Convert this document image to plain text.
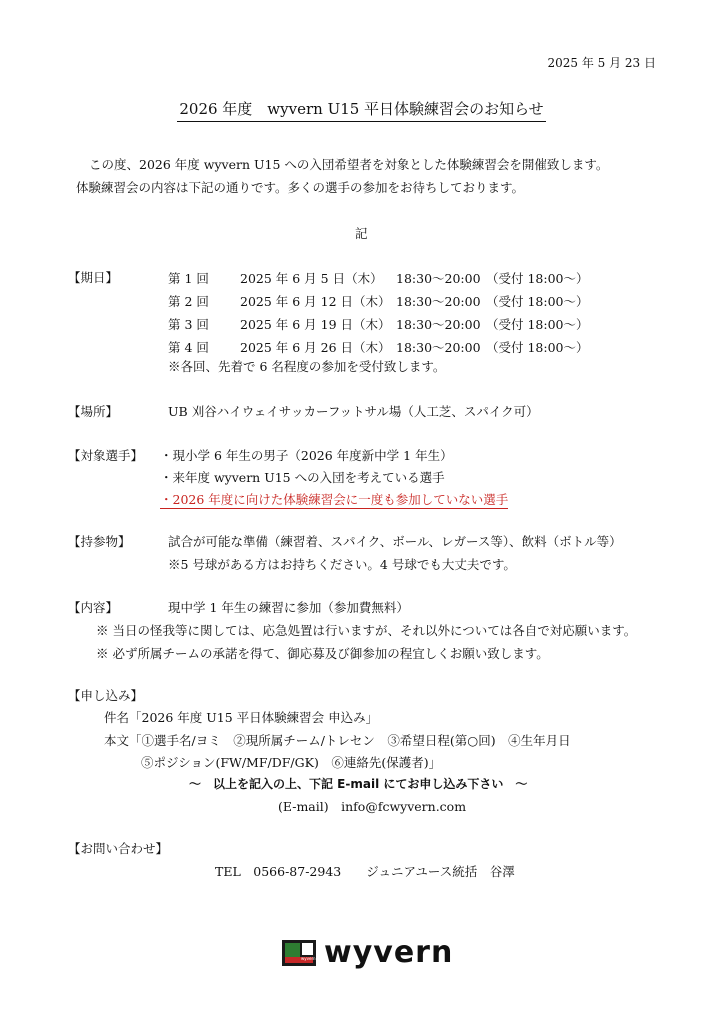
2025 年 5 月 23 日
2026 年度　wyvern U15 平日体験練習会のお知らせ
この度、2026 年度 wyvern U15 への入団希望者を対象とした体験練習会を開催致します。
体験練習会の内容は下記の通りです。多くの選手の参加をお待ちしております。
記
【期日】	第 1 回	2025 年 6 月 5 日（木）	18:30～20:00	（受付 18:00～）
第 2 回	2025 年 6 月 12 日（木）	18:30～20:00	（受付 18:00～）
第 3 回	2025 年 6 月 19 日（木）	18:30～20:00	（受付 18:00～）
第 4 回	2025 年 6 月 26 日（木）	18:30～20:00	（受付 18:00～）
※各回、先着で 6 名程度の参加を受付致します。
【場所】	UB 刈谷ハイウェイサッカーフットサル場（人工芝、スパイク可）
【対象選手】 ・現小学 6 年生の男子（2026 年度新中学 1 年生）
・来年度 wyvern U15 への入団を考えている選手
・2026 年度に向けた体験練習会に一度も参加していない選手
【持参物】	試合が可能な準備（練習着、スパイク、ボール、レガース等）、飲料（ボトル等）
※5 号球がある方はお持ちください。4 号球でも大丈夫です。
【内容】	現中学 1 年生の練習に参加（参加費無料）
※ 当日の怪我等に関しては、応急処置は行いますが、それ以外については各自で対応願います。
※ 必ず所属チームの承諾を得て、御応募及び御参加の程宜しくお願い致します。
【申し込み】
件名「2026 年度 U15 平日体験練習会 申込み」
本文「①選手名/ヨミ　②現所属チーム/トレセン　③希望日程(第○回)　④生年月日
⑤ポジション(FW/MF/DF/GK)　⑥連絡先(保護者)」
～　以上を記入の上、下記 E-mail にてお申し込み下さい　～
(E-mail)　info@fcwyvern.com
【お問い合わせ】
TEL　0566-87-2943　　ジュニアユース統括　谷澤
wyvern wyvern
